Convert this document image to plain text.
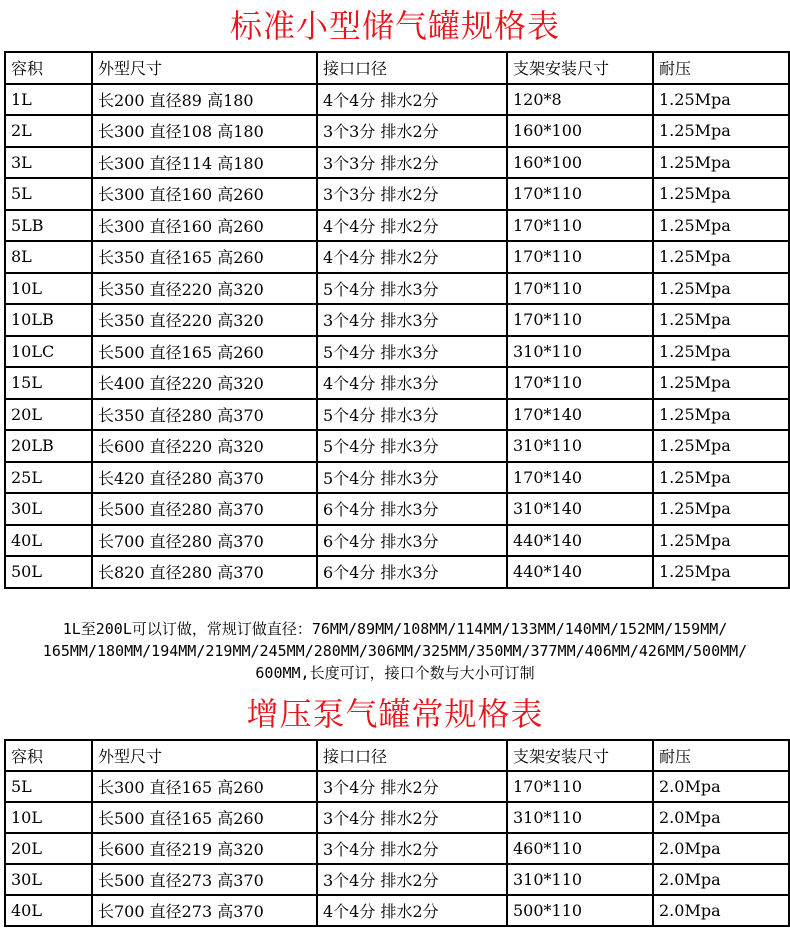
标准小型储气罐规格表
容积	外型尺寸	接口口径	支架安装尺寸	耐压
1L	长200 直径89 高180	4个4分 排水2分	120*8	1.25Mpa
2L	长300 直径108 高180	3个3分 排水2分	160*100	1.25Mpa
3L	长300 直径114 高180	3个3分 排水2分	160*100	1.25Mpa
5L	长300 直径160 高260	3个3分 排水2分	170*110	1.25Mpa
5LB	长300 直径160 高260	4个4分 排水2分	170*110	1.25Mpa
8L	长350 直径165 高260	4个4分 排水2分	170*110	1.25Mpa
10L	长350 直径220 高320	5个4分 排水3分	170*110	1.25Mpa
10LB	长350 直径220 高320	3个4分 排水3分	170*110	1.25Mpa
10LC	长500 直径165 高260	5个4分 排水3分	310*110	1.25Mpa
15L	长400 直径220 高320	4个4分 排水3分	170*110	1.25Mpa
20L	长350 直径280 高370	5个4分 排水3分	170*140	1.25Mpa
20LB	长600 直径220 高320	5个4分 排水3分	310*110	1.25Mpa
25L	长420 直径280 高370	5个4分 排水3分	170*140	1.25Mpa
30L	长500 直径280 高370	6个4分 排水3分	310*140	1.25Mpa
40L	长700 直径280 高370	6个4分 排水3分	440*140	1.25Mpa
50L	长820 直径280 高370	6个4分 排水3分	440*140	1.25Mpa
1L至200L可以订做，常规订做直径：76MM/89MM/108MM/114MM/133MM/140MM/152MM/159MM/
165MM/180MM/194MM/219MM/245MM/280MM/306MM/325MM/350MM/377MM/406MM/426MM/500MM/
600MM,长度可订，接口个数与大小可订制
增压泵气罐常规格表
容积	外型尺寸	接口口径	支架安装尺寸	耐压
5L	长300 直径165 高260	3个4分 排水2分	170*110	2.0Mpa
10L	长500 直径165 高260	3个4分 排水2分	310*110	2.0Mpa
20L	长600 直径219 高320	3个4分 排水2分	460*110	2.0Mpa
30L	长500 直径273 高370	3个4分 排水2分	310*110	2.0Mpa
40L	长700 直径273 高370	4个4分 排水2分	500*110	2.0Mpa
